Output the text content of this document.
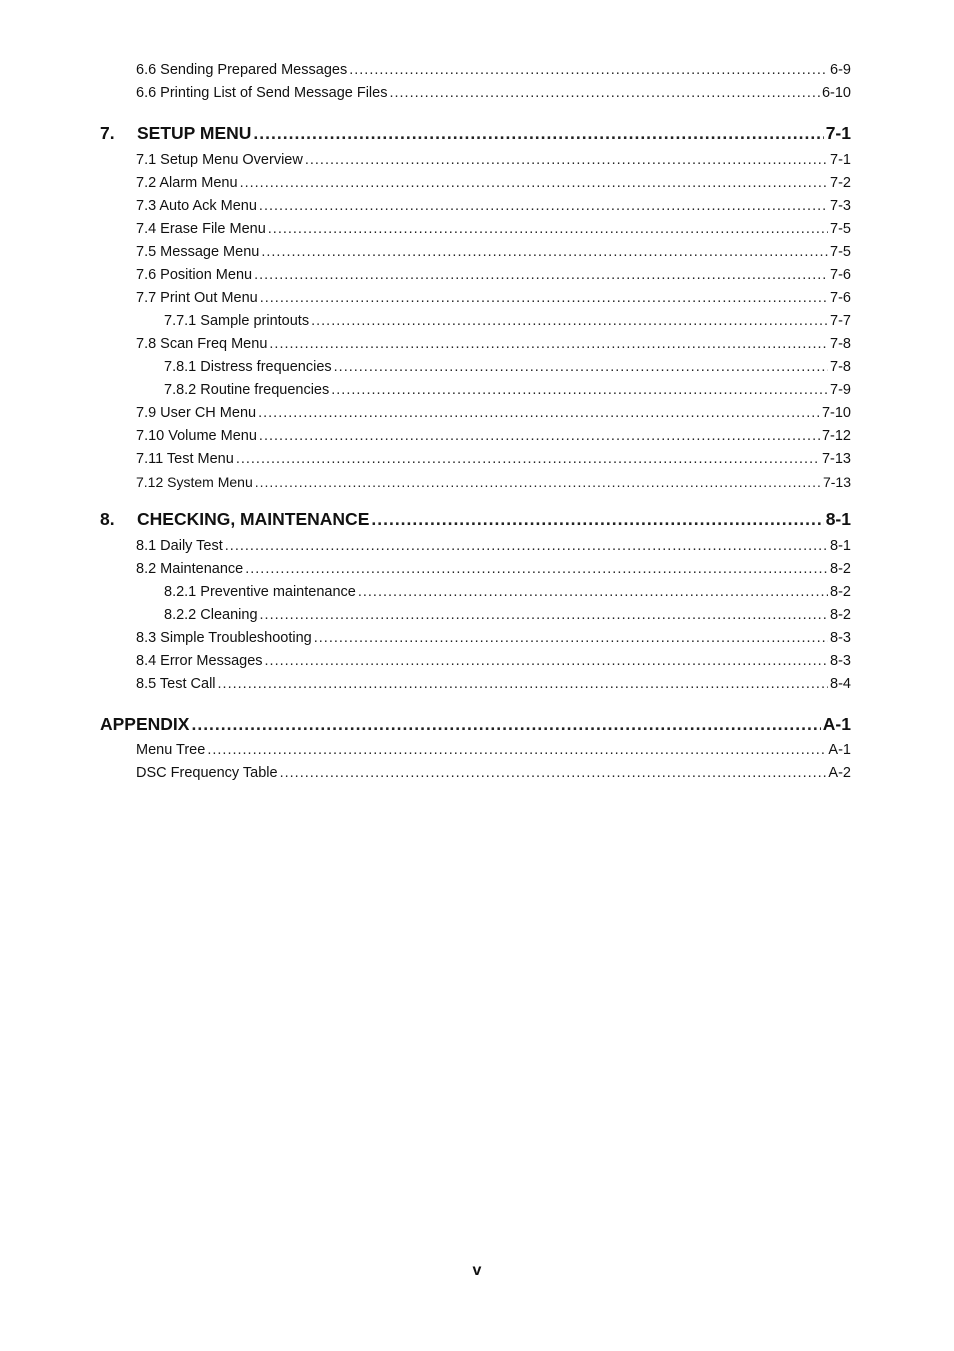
6.6 Sending Prepared Messages .....	6-9
6.6 Printing List of Send Message Files .....	6-10
7.	SETUP MENU .....	7-1
7.1 Setup Menu Overview .....	7-1
7.2 Alarm Menu .....	7-2
7.3 Auto Ack Menu .....	7-3
7.4 Erase File Menu .....	7-5
7.5 Message Menu .....	7-5
7.6 Position Menu .....	7-6
7.7 Print Out Menu .....	7-6
7.7.1 Sample printouts .....	7-7
7.8 Scan Freq Menu .....	7-8
7.8.1 Distress frequencies .....	7-8
7.8.2 Routine frequencies .....	7-9
7.9 User CH Menu .....	7-10
7.10 Volume Menu .....	7-12
7.11 Test Menu .....	7-13
7.12 System Menu .....	7-13
8.	CHECKING, MAINTENANCE .....	8-1
8.1 Daily Test .....	8-1
8.2 Maintenance .....	8-2
8.2.1 Preventive maintenance .....	8-2
8.2.2 Cleaning .....	8-2
8.3 Simple Troubleshooting .....	8-3
8.4 Error Messages .....	8-3
8.5 Test Call .....	8-4
APPENDIX .....	A-1
Menu Tree .....	A-1
DSC Frequency Table .....	A-2
v
